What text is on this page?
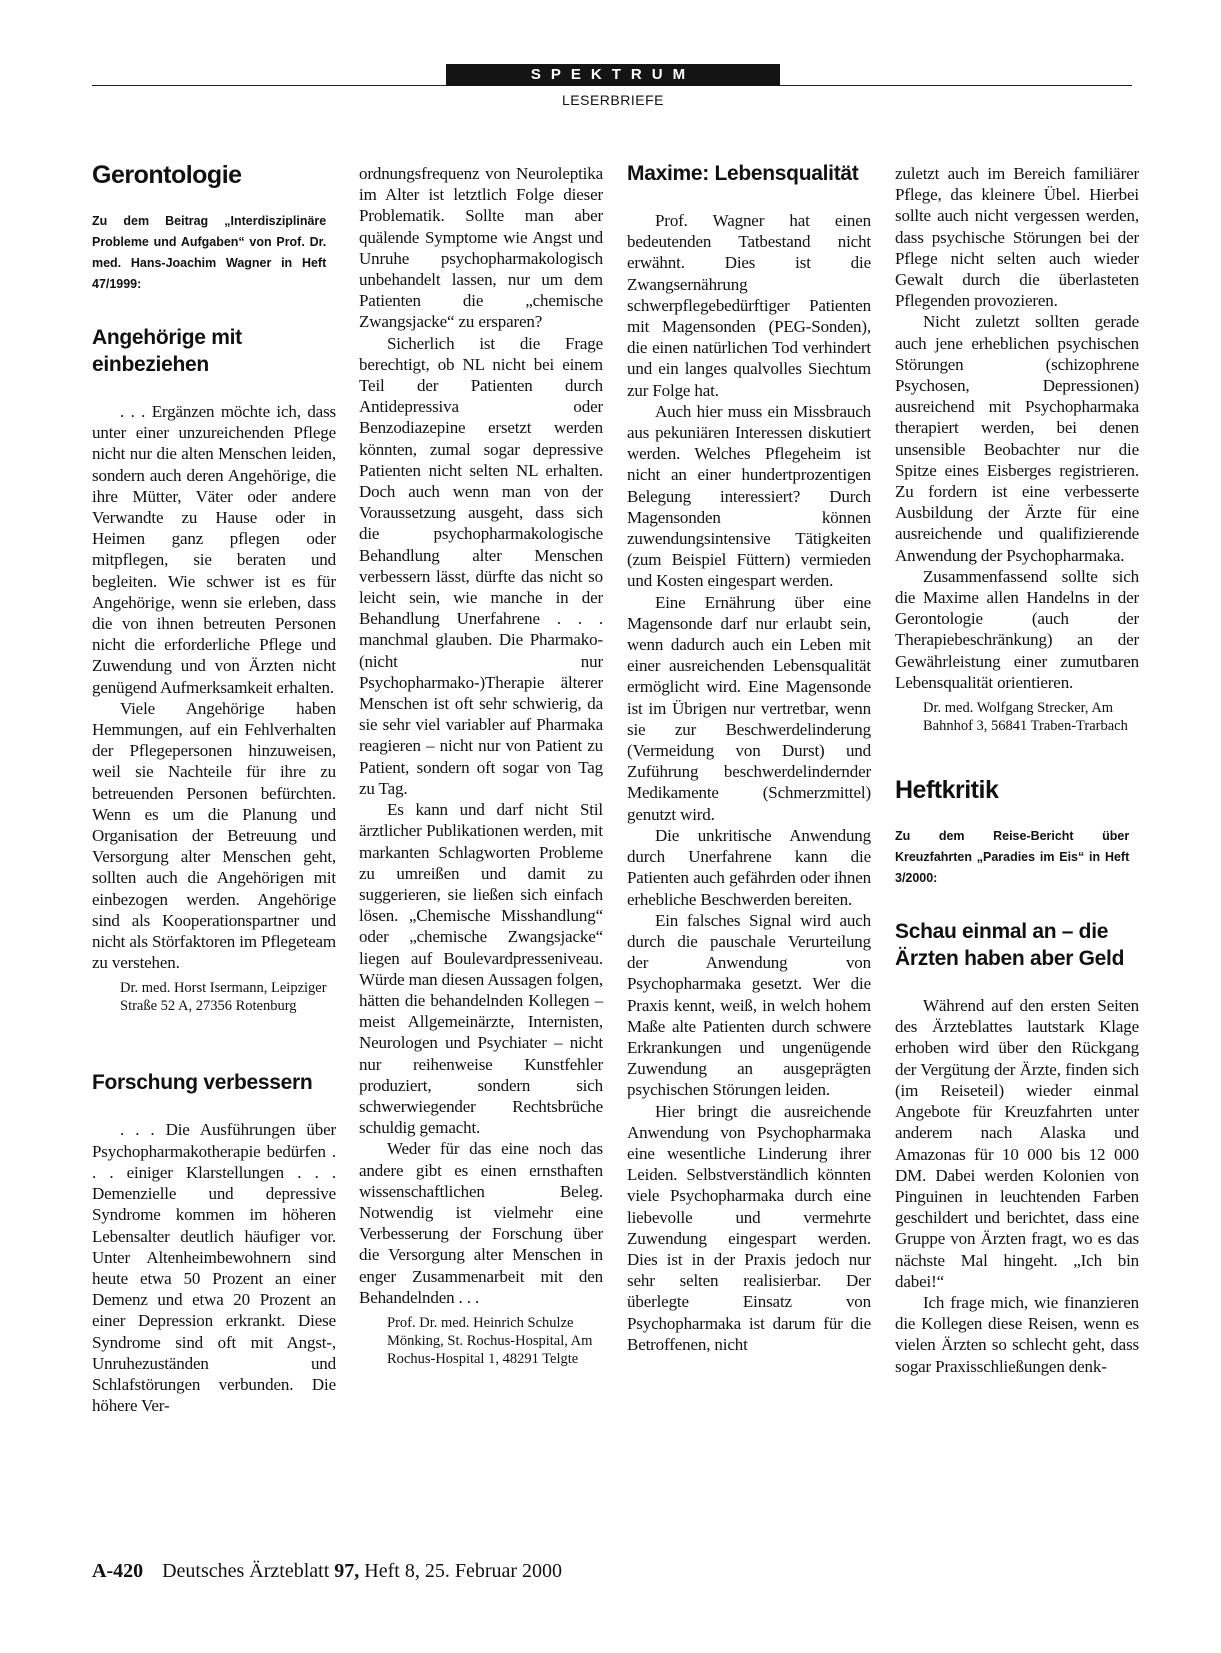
SPEKTRUM
LESERBRIEFE
Gerontologie
Zu dem Beitrag „Interdisziplinäre Probleme und Aufgaben“ von Prof. Dr. med. Hans-Joachim Wagner in Heft 47/1999:
Angehörige mit einbeziehen

. . . Ergänzen möchte ich, dass unter einer unzureichenden Pflege nicht nur die alten Menschen leiden, sondern auch deren Angehörige, die ihre Mütter, Väter oder andere Verwandte zu Hause oder in Heimen ganz pflegen oder mitpflegen, sie beraten und begleiten. Wie schwer ist es für Angehörige, wenn sie erleben, dass die von ihnen betreuten Personen nicht die erforderliche Pflege und Zuwendung und von Ärzten nicht genügend Aufmerksamkeit erhalten.

Viele Angehörige haben Hemmungen, auf ein Fehlverhalten der Pflegepersonen hinzuweisen, weil sie Nachteile für ihre zu betreuenden Personen befürchten. Wenn es um die Planung und Organisation der Betreuung und Versorgung alter Menschen geht, sollten auch die Angehörigen mit einbezogen werden. Angehörige sind als Kooperationspartner und nicht als Störfaktoren im Pflegeteam zu verstehen.

Dr. med. Horst Isermann, Leipziger Straße 52 A, 27356 Rotenburg
Forschung verbessern

. . . Die Ausführungen über Psychopharmakotherapie bedürfen . . . einiger Klarstellungen . . . Demenzielle und depressive Syndrome kommen im höheren Lebensalter deutlich häufiger vor. Unter Altenheimbewohnern sind heute etwa 50 Prozent an einer Demenz und etwa 20 Prozent an einer Depression erkrankt. Diese Syndrome sind oft mit Angst-, Unruhezuständen und Schlafstörungen verbunden. Die höhere Ver-

ordnungsfrequenz von Neuroleptika im Alter ist letztlich Folge dieser Problematik. Sollte man aber quälende Symptome wie Angst und Unruhe psychopharmakologisch unbehandelt lassen, nur um dem Patienten die „chemische Zwangsjacke“ zu ersparen?

Sicherlich ist die Frage berechtigt, ob NL nicht bei einem Teil der Patienten durch Antidepressiva oder Benzodiazepine ersetzt werden könnten, zumal sogar depressive Patienten nicht selten NL erhalten. Doch auch wenn man von der Voraussetzung ausgeht, dass sich die psychopharmakologische Behandlung alter Menschen verbessern lässt, dürfte das nicht so leicht sein, wie manche in der Behandlung Unerfahrene . . . manchmal glauben. Die Pharmako-(nicht nur Psychopharmako-)Therapie älterer Menschen ist oft sehr schwierig, da sie sehr viel variabler auf Pharmaka reagieren – nicht nur von Patient zu Patient, sondern oft sogar von Tag zu Tag.

Es kann und darf nicht Stil ärztlicher Publikationen werden, mit markanten Schlagworten Probleme zu umreißen und damit zu suggerieren, sie ließen sich einfach lösen. „Chemische Misshandlung“ oder „chemische Zwangsjacke“ liegen auf Boulevardpresseniveau. Würde man diesen Aussagen folgen, hätten die behandelnden Kollegen – meist Allgemeinärzte, Internisten, Neurologen und Psychiater – nicht nur reihenweise Kunstfehler produziert, sondern sich schwerwiegender Rechtsbrüche schuldig gemacht.

Weder für das eine noch das andere gibt es einen ernsthaften wissenschaftlichen Beleg. Notwendig ist vielmehr eine Verbesserung der Forschung über die Versorgung alter Menschen in enger Zusammenarbeit mit den Behandelnden . . .

Prof. Dr. med. Heinrich Schulze Mönking, St. Rochus-Hospital, Am Rochus-Hospital 1, 48291 Telgte
Maxime: Lebensqualität

Prof. Wagner hat einen bedeutenden Tatbestand nicht erwähnt. Dies ist die Zwangsernährung schwerpflegebedürftiger Patienten mit Magensonden (PEG-Sonden), die einen natürlichen Tod verhindert und ein langes qualvolles Siechtum zur Folge hat.

Auch hier muss ein Missbrauch aus pekuniären Interessen diskutiert werden. Welches Pflegeheim ist nicht an einer hundertprozentigen Belegung interessiert? Durch Magensonden können zuwendungsintensive Tätigkeiten (zum Beispiel Füttern) vermieden und Kosten eingespart werden.

Eine Ernährung über eine Magensonde darf nur erlaubt sein, wenn dadurch auch ein Leben mit einer ausreichenden Lebensqualität ermöglicht wird. Eine Magensonde ist im Übrigen nur vertretbar, wenn sie zur Beschwerdelinderung (Vermeidung von Durst) und Zuführung beschwerdelindernder Medikamente (Schmerzmittel) genutzt wird.

Die unkritische Anwendung durch Unerfahrene kann die Patienten auch gefährden oder ihnen erhebliche Beschwerden bereiten.

Ein falsches Signal wird auch durch die pauschale Verurteilung der Anwendung von Psychopharmaka gesetzt. Wer die Praxis kennt, weiß, in welch hohem Maße alte Patienten durch schwere Erkrankungen und ungenügende Zuwendung an ausgeprägten psychischen Störungen leiden.

Hier bringt die ausreichende Anwendung von Psychopharmaka eine wesentliche Linderung ihrer Leiden. Selbstverständlich könnten viele Psychopharmaka durch eine liebevolle und vermehrte Zuwendung eingespart werden. Dies ist in der Praxis jedoch nur sehr selten realisierbar. Der überlegte Einsatz von Psychopharmaka ist darum für die Betroffenen, nicht

zuletzt auch im Bereich familiärer Pflege, das kleinere Übel. Hierbei sollte auch nicht vergessen werden, dass psychische Störungen bei der Pflege nicht selten auch wieder Gewalt durch die überlasteten Pflegenden provozieren.

Nicht zuletzt sollten gerade auch jene erheblichen psychischen Störungen (schizophrene Psychosen, Depressionen) ausreichend mit Psychopharmaka therapiert werden, bei denen unsensible Beobachter nur die Spitze eines Eisberges registrieren. Zu fordern ist eine verbesserte Ausbildung der Ärzte für eine ausreichende und qualifizierende Anwendung der Psychopharmaka.

Zusammenfassend sollte sich die Maxime allen Handelns in der Gerontologie (auch der Therapiebeschränkung) an der Gewährleistung einer zumutbaren Lebensqualität orientieren.

Dr. med. Wolfgang Strecker, Am Bahnhof 3, 56841 Traben-Trarbach
Heftkritik
Zu dem Reise-Bericht über Kreuzfahrten „Paradies im Eis“ in Heft 3/2000:
Schau einmal an – die Ärzten haben aber Geld

Während auf den ersten Seiten des Ärzteblattes lautstark Klage erhoben wird über den Rückgang der Vergütung der Ärzte, finden sich (im Reiseteil) wieder einmal Angebote für Kreuzfahrten unter anderem nach Alaska und Amazonas für 10 000 bis 12 000 DM. Dabei werden Kolonien von Pinguinen in leuchtenden Farben geschildert und berichtet, dass eine Gruppe von Ärzten fragt, wo es das nächste Mal hingeht. „Ich bin dabei!“

Ich frage mich, wie finanzieren die Kollegen diese Reisen, wenn es vielen Ärzten so schlecht geht, dass sogar Praxisschließungen denk-

A-420 Deutsches Ärzteblatt 97, Heft 8, 25. Februar 2000
